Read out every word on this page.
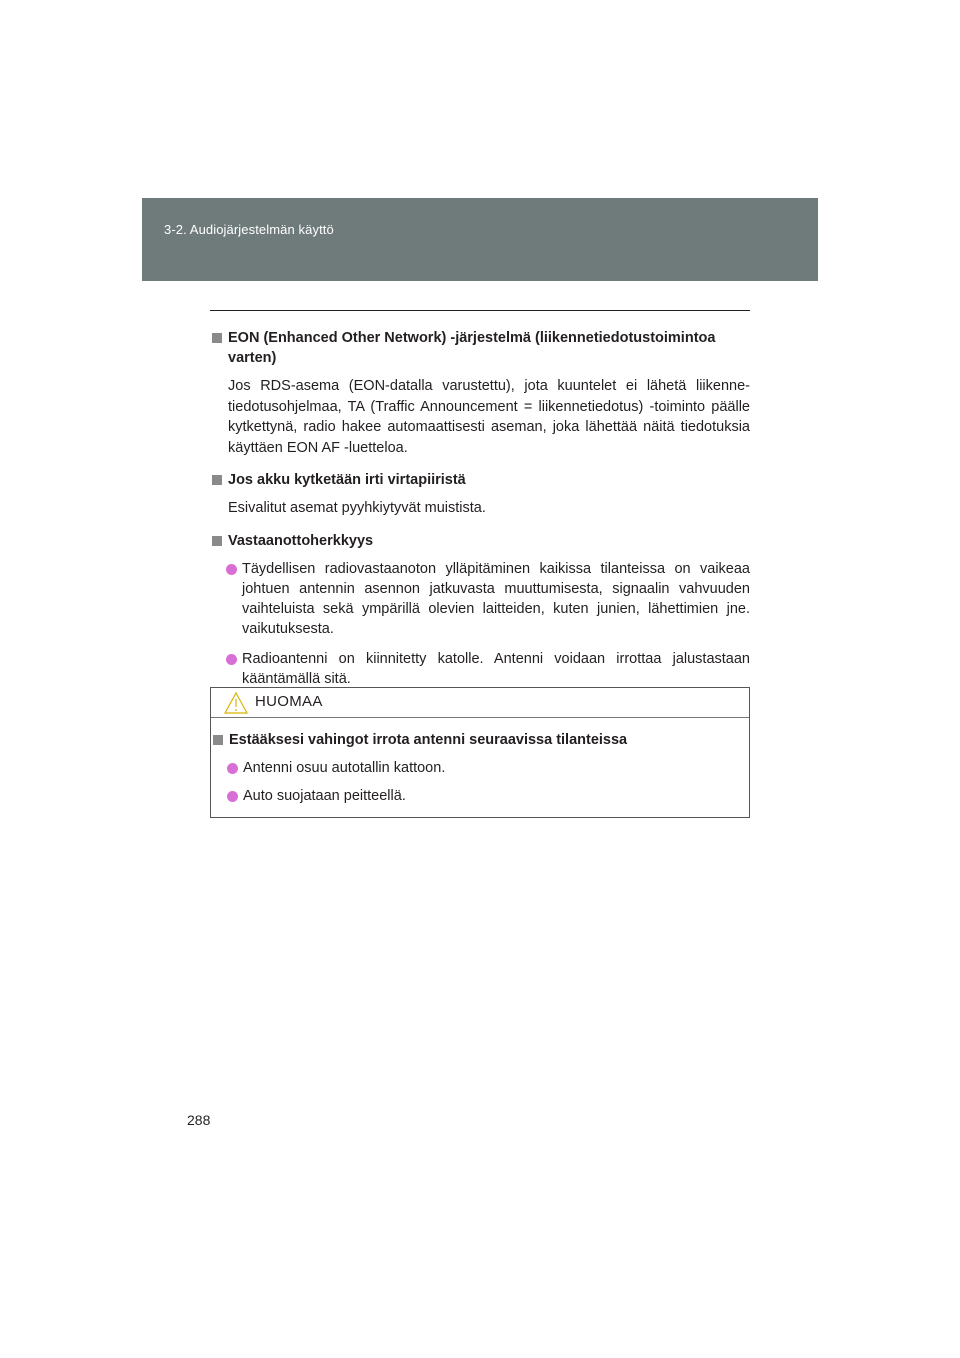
3-2. Audiojärjestelmän käyttö
EON (Enhanced Other Network) -järjestelmä (liikennetiedotustoimintoa varten)
Jos RDS-asema (EON-datalla varustettu), jota kuuntelet ei lähetä liikennetiedotusohjelmaa, TA (Traffic Announcement = liikennetiedotus) -toiminto päälle kytkettynä, radio hakee automaattisesti aseman, joka lähettää näitä tiedotuksia käyttäen EON AF -luetteloa.
Jos akku kytketään irti virtapiiristä
Esivalitut asemat pyyhkiytyvät muistista.
Vastaanottoherkkyys
Täydellisen radiovastaanoton ylläpitäminen kaikissa tilanteissa on vaikeaa johtuen antennin asennon jatkuvasta muuttumisesta, signaalin vahvuuden vaihteluista sekä ympärillä olevien laitteiden, kuten junien, lähettimien jne. vaikutuksesta.
Radioantenni on kiinnitetty katolle. Antenni voidaan irrottaa jalustastaan kääntämällä sitä.
HUOMAA
Estääksesi vahingot irrota antenni seuraavissa tilanteissa
Antenni osuu autotallin kattoon.
Auto suojataan peitteellä.
288
